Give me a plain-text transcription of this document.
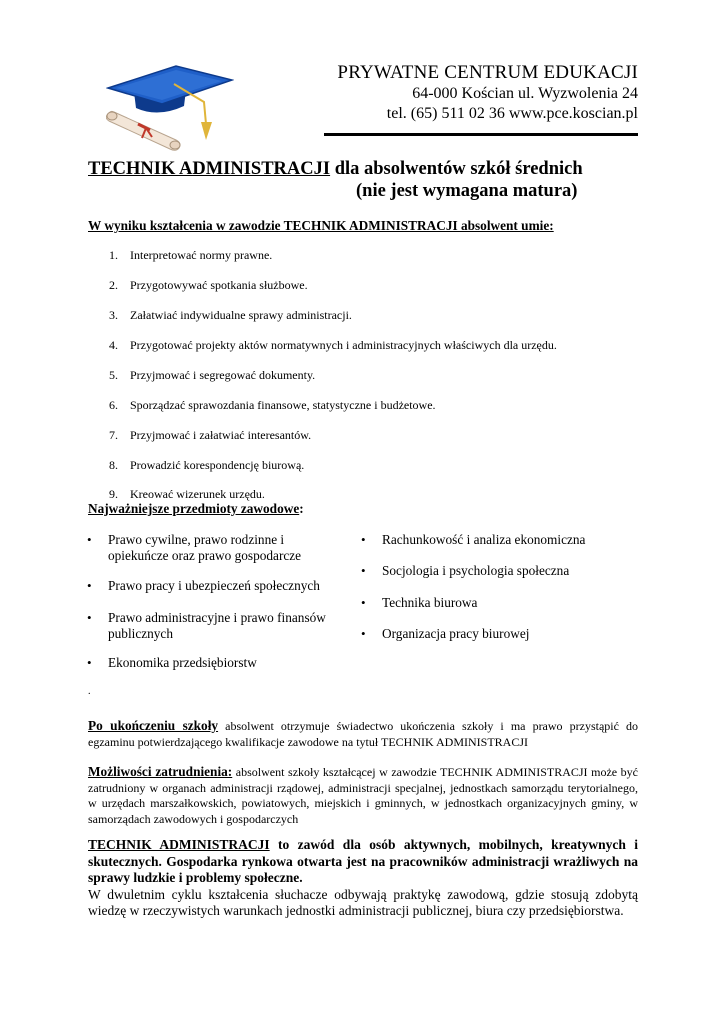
PRYWATNE CENTRUM EDUKACJI
64-000 Kościan ul. Wyzwolenia 24
tel. (65) 511 02 36 www.pce.koscian.pl
TECHNIK ADMINISTRACJI dla absolwentów szkół średnich
(nie jest wymagana matura)
W wyniku kształcenia w zawodzie TECHNIK ADMINISTRACJI absolwent umie:
1. Interpretować normy prawne.
2. Przygotowywać spotkania służbowe.
3. Załatwiać indywidualne sprawy administracji.
4. Przygotować projekty aktów normatywnych i administracyjnych właściwych dla urzędu.
5. Przyjmować i segregować dokumenty.
6. Sporządzać sprawozdania finansowe, statystyczne i budżetowe.
7. Przyjmować i załatwiać interesantów.
8. Prowadzić korespondencję biurową.
9. Kreować wizerunek urzędu.
Najważniejsze przedmioty zawodowe:
• Prawo cywilne, prawo rodzinne i
opiekuńcze oraz prawo gospodarcze
• Prawo pracy i ubezpieczeń społecznych
• Prawo administracyjne i prawo finansów
publicznych
• Ekonomika przedsiębiorstw
• Rachunkowość i analiza ekonomiczna
• Socjologia i psychologia społeczna
• Technika biurowa
• Organizacja pracy biurowej
.
Po ukończeniu szkoły absolwent otrzymuje świadectwo ukończenia szkoły i ma prawo przystąpić do egzaminu potwierdzającego kwalifikacje zawodowe na tytuł TECHNIK ADMINISTRACJI
Możliwości zatrudnienia: absolwent szkoły kształcącej w zawodzie TECHNIK ADMINISTRACJI może być zatrudniony w organach administracji rządowej, administracji specjalnej, jednostkach samorządu terytorialnego, w urzędach marszałkowskich, powiatowych, miejskich i gminnych, w jednostkach organizacyjnych gminy, w samorządach zawodowych i gospodarczych
TECHNIK ADMINISTRACJI to zawód dla osób aktywnych, mobilnych, kreatywnych i skutecznych. Gospodarka rynkowa otwarta jest na pracowników administracji wrażliwych na sprawy ludzkie i problemy społeczne.
W dwuletnim cyklu kształcenia słuchacze odbywają praktykę zawodową, gdzie stosują zdobytą wiedzę w rzeczywistych warunkach jednostki administracji publicznej, biura czy przedsiębiorstwa.
